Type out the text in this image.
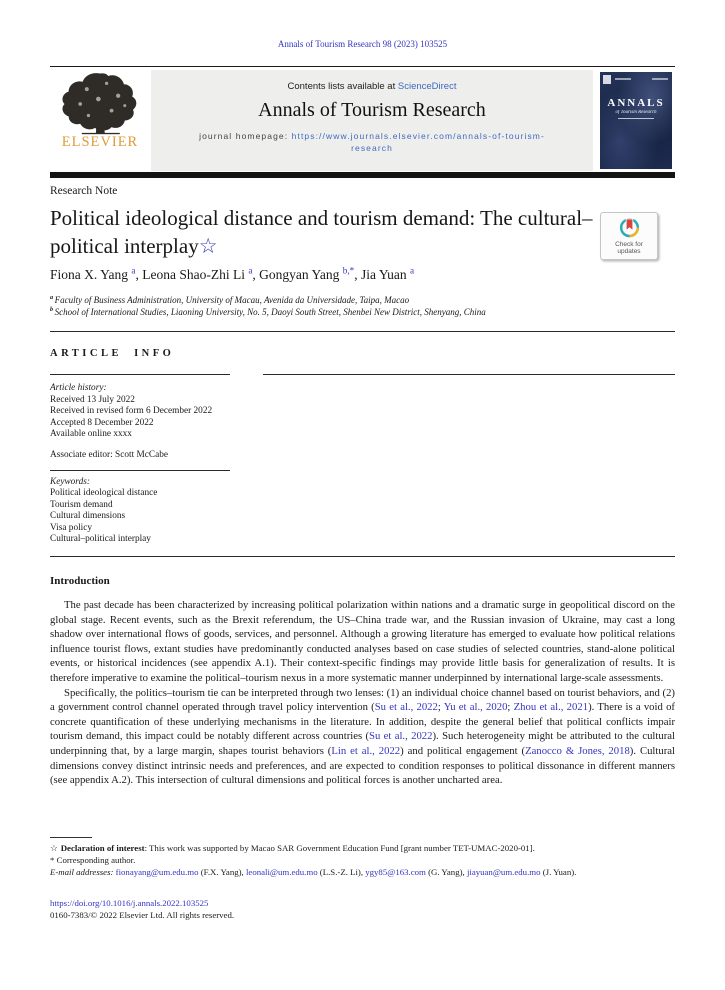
Annals of Tourism Research 98 (2023) 103525
ELSEVIER
Contents lists available at ScienceDirect
Annals of Tourism Research
journal homepage: https://www.journals.elsevier.com/annals-of-tourism-research
ANNALS
of Tourism Research
Research Note
Political ideological distance and tourism demand: The cultural–political interplay☆	Check for
updates
Fiona X. Yang $^a$, Leona Shao-Zhi Li $^a$, Gongyan Yang $^{b,*}$, Jia Yuan $^a$
$^a$ Faculty of Business Administration, University of Macau, Avenida da Universidade, Taipa, Macao
$^b$ School of International Studies, Liaoning University, No. 5, Daoyi South Street, Shenbei New District, Shenyang, China
ARTICLE INFO
Article history:
Received 13 July 2022
Received in revised form 6 December 2022
Accepted 8 December 2022
Available online xxxx
Associate editor: Scott McCabe
Keywords:
Political ideological distance
Tourism demand
Cultural dimensions
Visa policy
Cultural–political interplay
Introduction

The past decade has been characterized by increasing political polarization within nations and a dramatic surge in geopolitical discord on the global stage. Recent events, such as the Brexit referendum, the US–China trade war, and the Russian invasion of Ukraine, may cast a long shadow over international flows of goods, services, and personnel. Although a growing literature has emerged to evaluate how political relations influence tourist flows, extant studies have predominantly conducted analyses based on case studies of selected countries, stand-alone political events, or historical incidences (see appendix A.1). Their context-specific findings may provide little basis for generalization of results. It is therefore imperative to examine the political–tourism nexus in a more systematic manner underpinned by international large-scale assessments.

Specifically, the politics–tourism tie can be interpreted through two lenses: (1) an individual choice channel based on tourist behaviors, and (2) a government control channel operated through travel policy intervention (Su et al., 2022; Yu et al., 2020; Zhou et al., 2021). There is a void of concrete quantification of these underlying mechanisms in the literature. In addition, despite the general belief that political conflicts impair tourism demand, this impact could be notably different across countries (Su et al., 2022). Such heterogeneity might be attributed to the cultural underpinning that, by a large margin, shapes tourist behaviors (Lin et al., 2022) and political engagement (Zanocco & Jones, 2018). Cultural dimensions convey distinct intrinsic needs and preferences, and are expected to condition responses to political dissonance in different manners (see appendix A.2). This intersection of cultural dimensions and political forces is another uncharted area.

☆ Declaration of interest: This work was supported by Macao SAR Government Education Fund [grant number TET-UMAC-2020-01].
* Corresponding author.
E-mail addresses: fionayang@um.edu.mo (F.X. Yang), leonali@um.edu.mo (L.S.-Z. Li), ygy85@163.com (G. Yang), jiayuan@um.edu.mo (J. Yuan).
https://doi.org/10.1016/j.annals.2022.103525
0160-7383/© 2022 Elsevier Ltd. All rights reserved.
